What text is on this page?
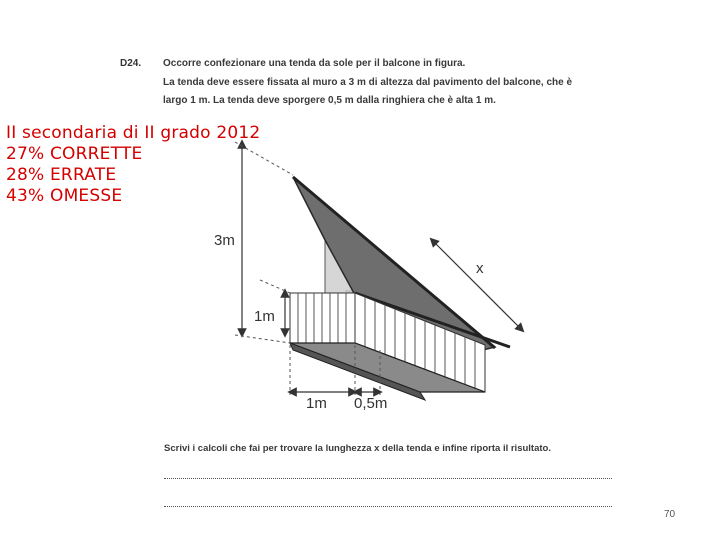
D24. Occorre confezionare una tenda da sole per il balcone in figura.
La tenda deve essere fissata al muro a 3 m di altezza dal pavimento del balcone, che è
largo 1 m. La tenda deve sporgere 0,5 m dalla ringhiera che è alta 1 m.
3m
1m
x
1m 0,5m
II secondaria di II grado 2012
27% CORRETTE
28% ERRATE
43% OMESSE
Scrivi i calcoli che fai per trovare la lunghezza x della tenda e infine riporta il risultato.
70
